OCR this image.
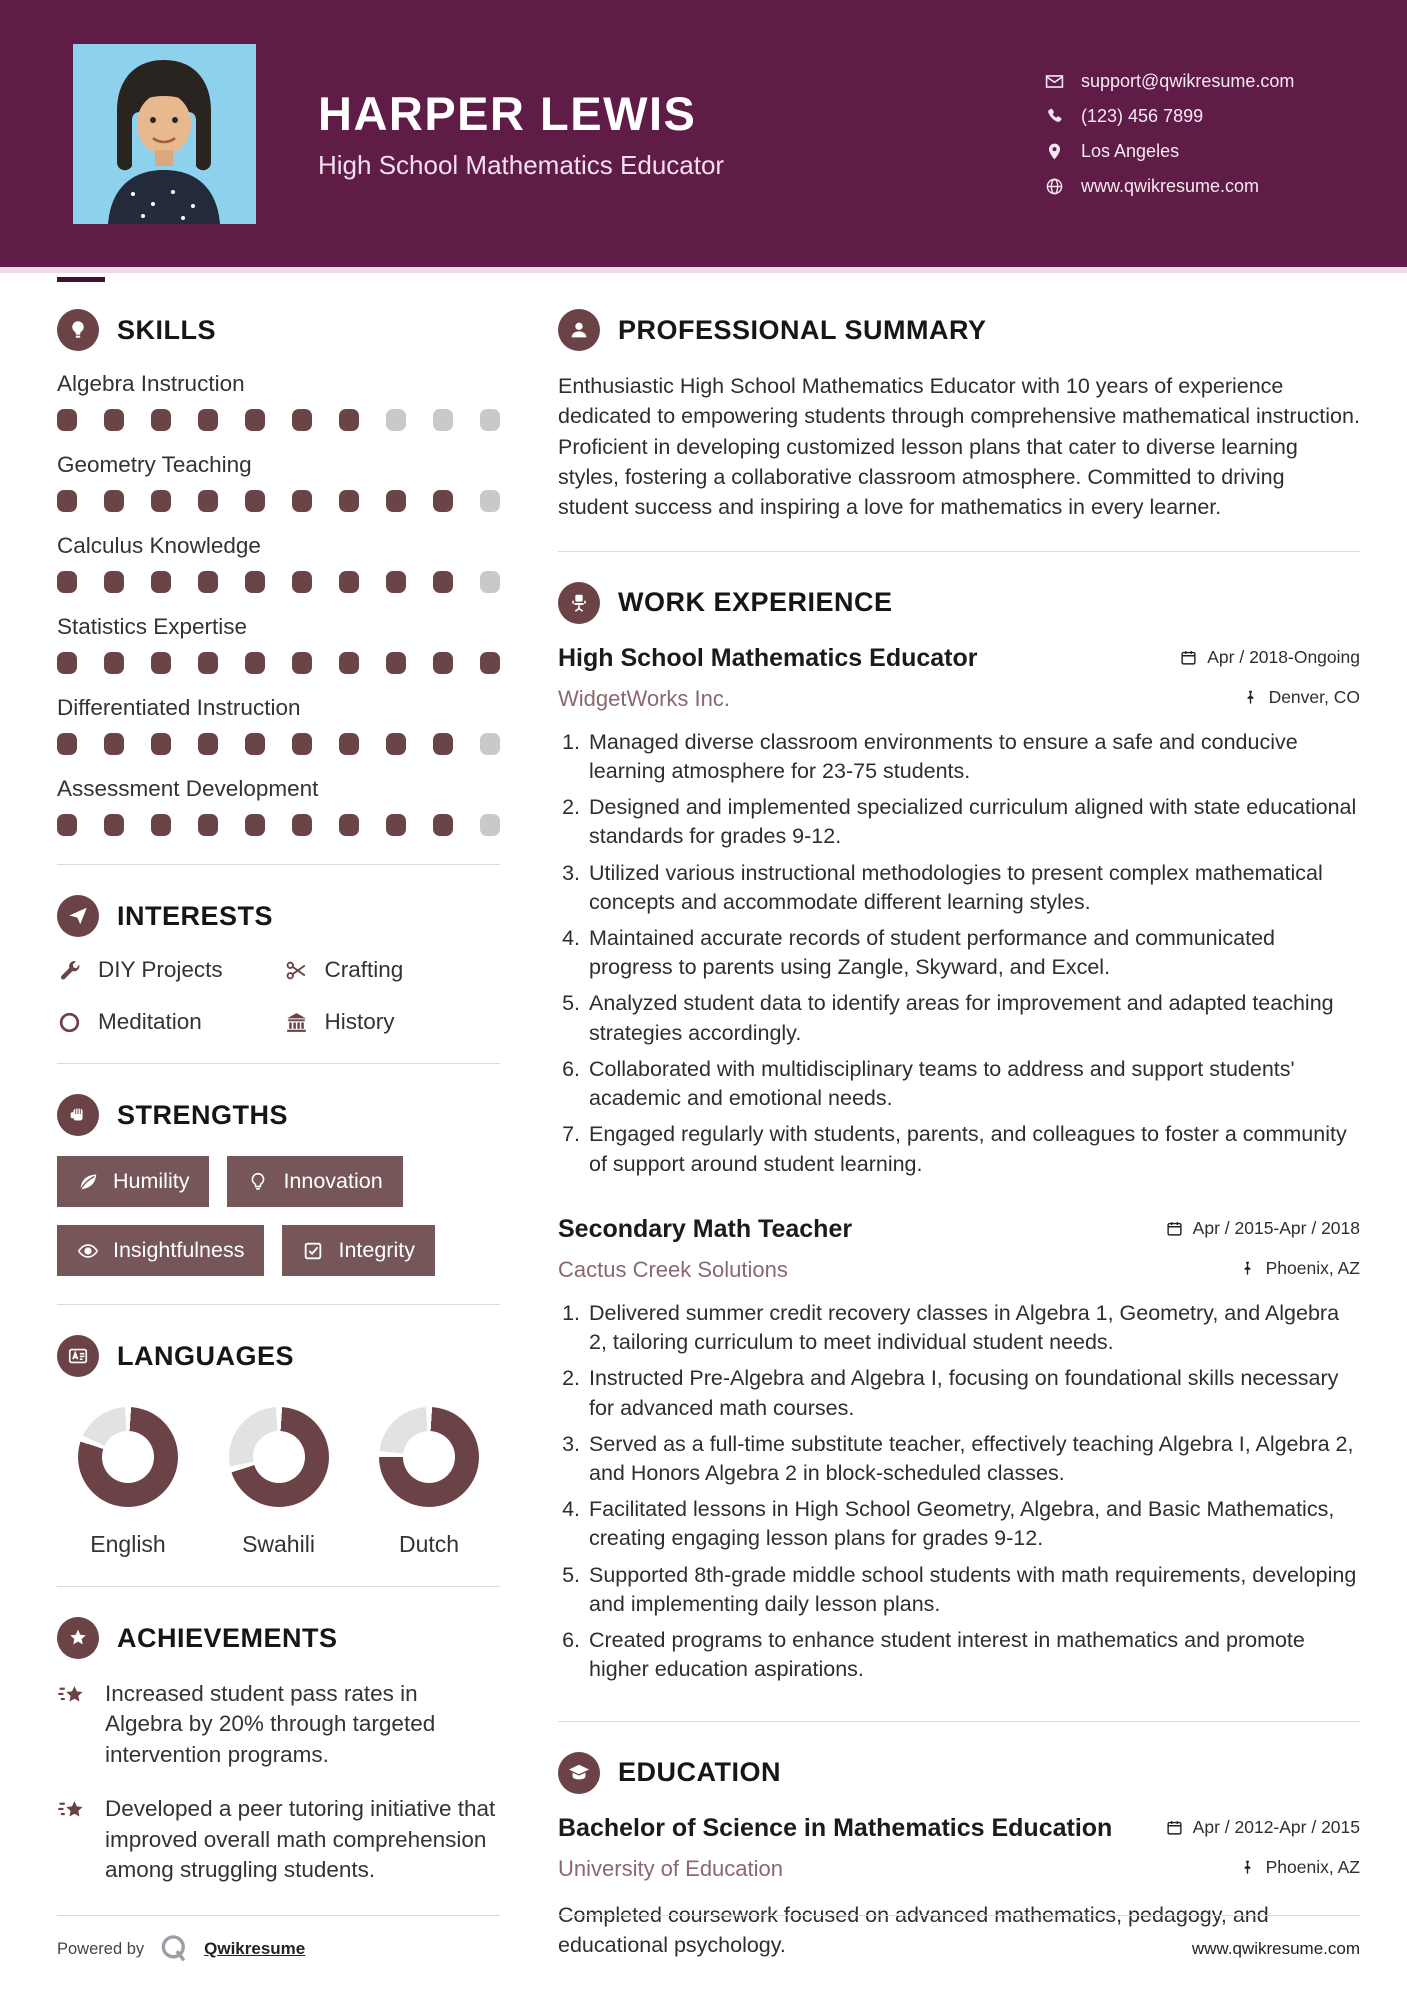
HARPER LEWIS
High School Mathematics Educator
support@qwikresume.com
(123) 456 7899
Los Angeles
www.qwikresume.com
SKILLS
Algebra Instruction
Geometry Teaching
Calculus Knowledge
Statistics Expertise
Differentiated Instruction
Assessment Development
INTERESTS
DIY Projects	Crafting
Meditation	History
STRENGTHS
Humility	Innovation
Insightfulness	Integrity
LANGUAGES
English	Swahili	Dutch
ACHIEVEMENTS
Increased student pass rates in Algebra by 20% through targeted intervention programs.
Developed a peer tutoring initiative that improved overall math comprehension among struggling students.
PROFESSIONAL SUMMARY

Enthusiastic High School Mathematics Educator with 10 years of experience dedicated to empowering students through comprehensive mathematical instruction. Proficient in developing customized lesson plans that cater to diverse learning styles, fostering a collaborative classroom atmosphere. Committed to driving student success and inspiring a love for mathematics in every learner.

WORK EXPERIENCE
High School Mathematics Educator	Apr / 2018-Ongoing
WidgetWorks Inc.	Denver, CO
1. Managed diverse classroom environments to ensure a safe and conducive learning atmosphere for 23-75 students.
2. Designed and implemented specialized curriculum aligned with state educational standards for grades 9-12.
3. Utilized various instructional methodologies to present complex mathematical concepts and accommodate different learning styles.
4. Maintained accurate records of student performance and communicated progress to parents using Zangle, Skyward, and Excel.
5. Analyzed student data to identify areas for improvement and adapted teaching strategies accordingly.
6. Collaborated with multidisciplinary teams to address and support students' academic and emotional needs.
7. Engaged regularly with students, parents, and colleagues to foster a community of support around student learning.
Secondary Math Teacher	Apr / 2015-Apr / 2018
Cactus Creek Solutions	Phoenix, AZ
1. Delivered summer credit recovery classes in Algebra 1, Geometry, and Algebra 2, tailoring curriculum to meet individual student needs.
2. Instructed Pre-Algebra and Algebra I, focusing on foundational skills necessary for advanced math courses.
3. Served as a full-time substitute teacher, effectively teaching Algebra I, Algebra 2, and Honors Algebra 2 in block-scheduled classes.
4. Facilitated lessons in High School Geometry, Algebra, and Basic Mathematics, creating engaging lesson plans for grades 9-12.
5. Supported 8th-grade middle school students with math requirements, developing and implementing daily lesson plans.
6. Created programs to enhance student interest in mathematics and promote higher education aspirations.
EDUCATION
Bachelor of Science in Mathematics Education	Apr / 2012-Apr / 2015
University of Education	Phoenix, AZ

Completed coursework focused on advanced mathematics, pedagogy, and educational psychology.

Powered by	Qwikresume	www.qwikresume.com
